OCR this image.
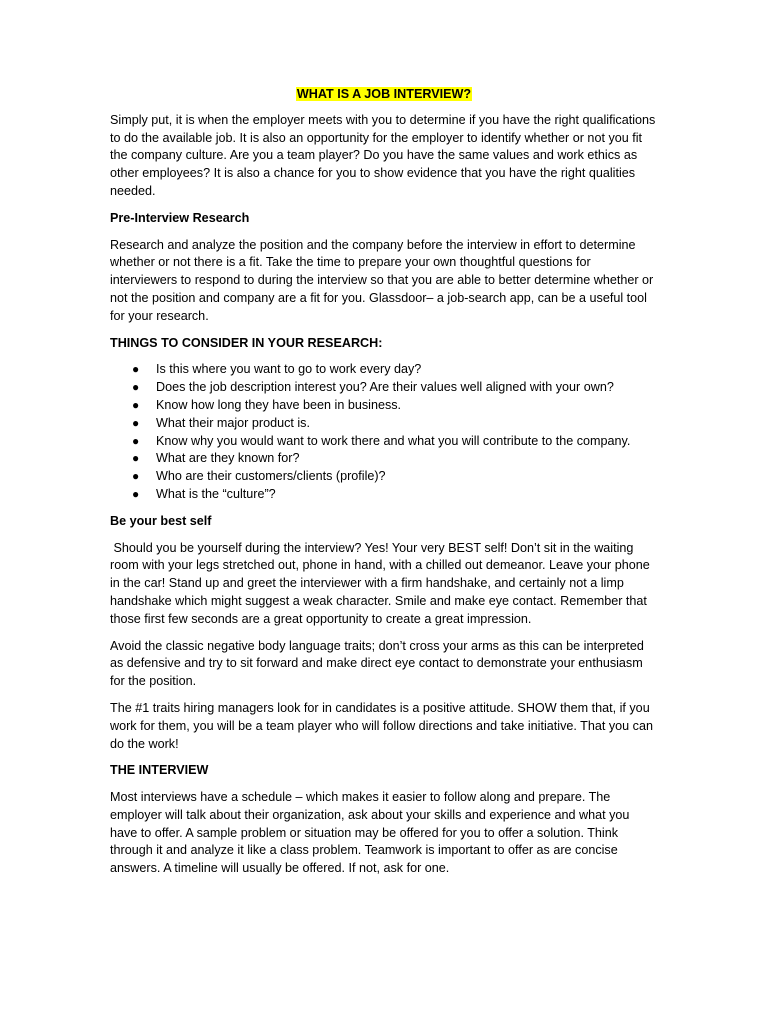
WHAT IS A JOB INTERVIEW?

Simply put, it is when the employer meets with you to determine if you have the right qualifications to do the available job. It is also an opportunity for the employer to identify whether or not you fit the company culture. Are you a team player? Do you have the same values and work ethics as other employees? It is also a chance for you to show evidence that you have the right qualities needed.

Pre-Interview Research

Research and analyze the position and the company before the interview in effort to determine whether or not there is a fit. Take the time to prepare your own thoughtful questions for interviewers to respond to during the interview so that you are able to better determine whether or not the position and company are a fit for you. Glassdoor– a job-search app, can be a useful tool for your research.

THINGS TO CONSIDER IN YOUR RESEARCH:
● Is this where you want to go to work every day?
● Does the job description interest you? Are their values well aligned with your own?
● Know how long they have been in business.
● What their major product is.
● Know why you would want to work there and what you will contribute to the company.
● What are they known for?
● Who are their customers/clients (profile)?
● What is the “culture”?
Be your best self

Should you be yourself during the interview? Yes! Your very BEST self! Don’t sit in the waiting room with your legs stretched out, phone in hand, with a chilled out demeanor. Leave your phone in the car! Stand up and greet the interviewer with a firm handshake, and certainly not a limp handshake which might suggest a weak character. Smile and make eye contact. Remember that those first few seconds are a great opportunity to create a great impression.

Avoid the classic negative body language traits; don’t cross your arms as this can be interpreted as defensive and try to sit forward and make direct eye contact to demonstrate your enthusiasm for the position.

The #1 traits hiring managers look for in candidates is a positive attitude. SHOW them that, if you work for them, you will be a team player who will follow directions and take initiative. That you can do the work!

THE INTERVIEW

Most interviews have a schedule – which makes it easier to follow along and prepare. The employer will talk about their organization, ask about your skills and experience and what you have to offer. A sample problem or situation may be offered for you to offer a solution. Think through it and analyze it like a class problem. Teamwork is important to offer as are concise answers. A timeline will usually be offered. If not, ask for one.
